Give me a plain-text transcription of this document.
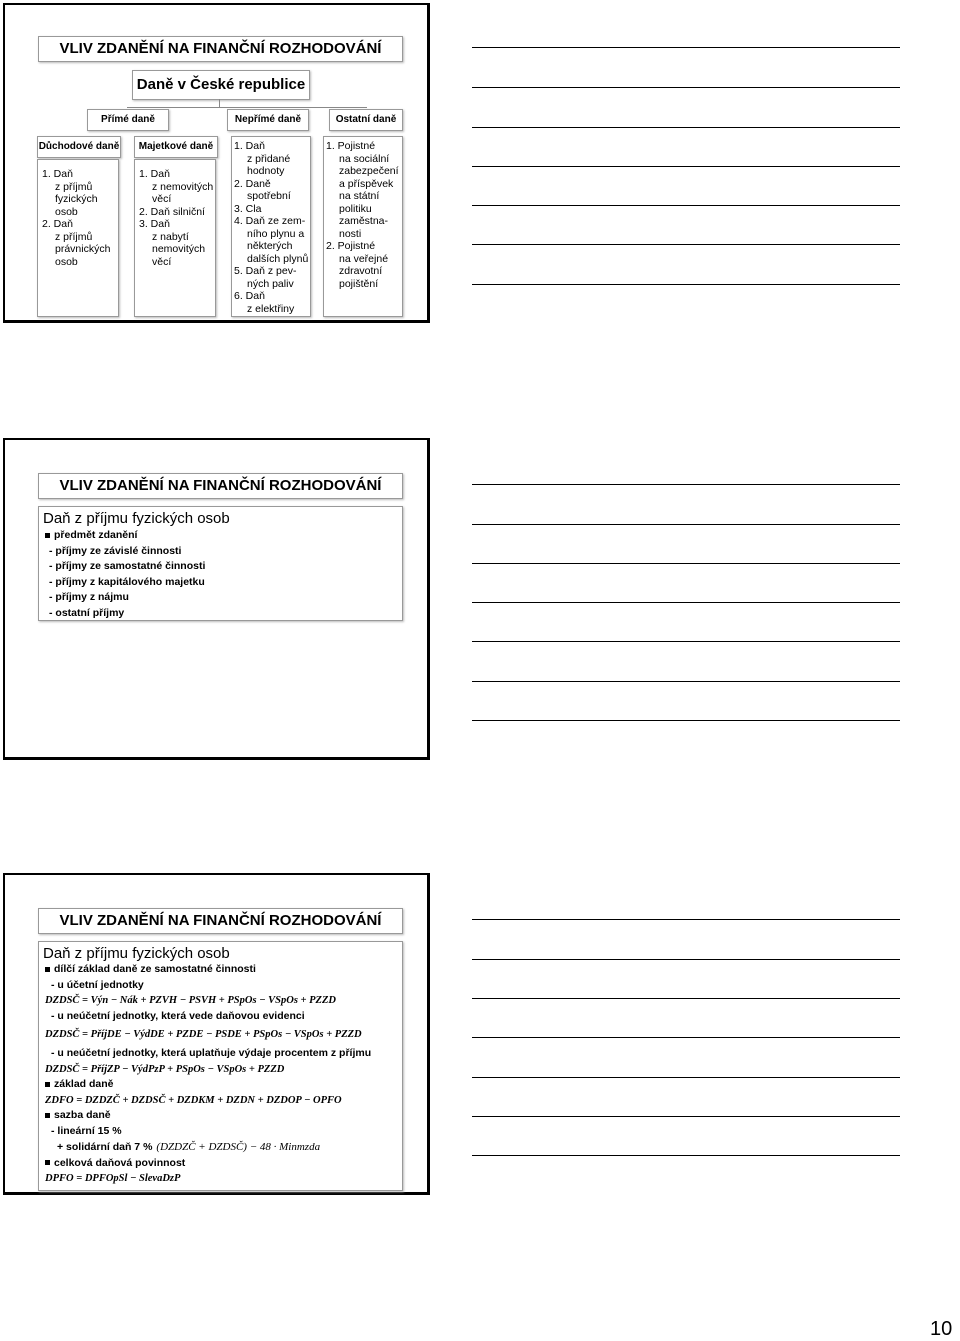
VLIV ZDANĚNÍ NA FINANČNÍ ROZHODOVÁNÍ
Daně v České republice
Přímé daně	Nepřímé daně	Ostatní daně
Důchodové daně	Majetkové daně
1. Daň
z příjmů
fyzických
osob
2. Daň
z příjmů
právnických
osob
1. Daň
z nemovitých
věcí
2. Daň silniční
3. Daň
z nabytí
nemovitých
věcí
1. Daň
z přidané
hodnoty
2. Daně
spotřební
3. Cla
4. Daň ze zem-
ního plynu a
některých
dalších plynů
5. Daň z pev-
ných paliv
6. Daň
z elektřiny
1. Pojistné
na sociální
zabezpečení
a příspěvek
na státní
politiku
zaměstna-
nosti
2. Pojistné
na veřejné
zdravotní
pojištění
VLIV ZDANĚNÍ NA FINANČNÍ ROZHODOVÁNÍ
Daň z příjmu fyzických osob
předmět zdanění
- příjmy ze závislé činnosti
- příjmy ze samostatné činnosti
- příjmy z kapitálového majetku
- příjmy z nájmu
- ostatní příjmy
VLIV ZDANĚNÍ NA FINANČNÍ ROZHODOVÁNÍ
Daň z příjmu fyzických osob
dílčí základ daně ze samostatné činnosti
- u účetní jednotky
DZDSČ = Výn − Nák + PZVH − PSVH + PSpOs − VSpOs + PZZD
- u neúčetní jednotky, která vede daňovou evidenci
DZDSČ = PříjDE − VýdDE + PZDE − PSDE + PSpOs − VSpOs + PZZD
- u neúčetní jednotky, která uplatňuje výdaje procentem z příjmu
DZDSČ = PříjZP − VýdPzP + PSpOs − VSpOs + PZZD
základ daně
ZDFO = DZDZČ + DZDSČ + DZDKM + DZDN + DZDOP − OPFO
sazba daně
- lineární 15 %
+ solidární daň 7 % (DZDZČ + DZDSČ) − 48 · Minmzda
celková daňová povinnost
DPFO = DPFOpSl − SlevaDzP
10
